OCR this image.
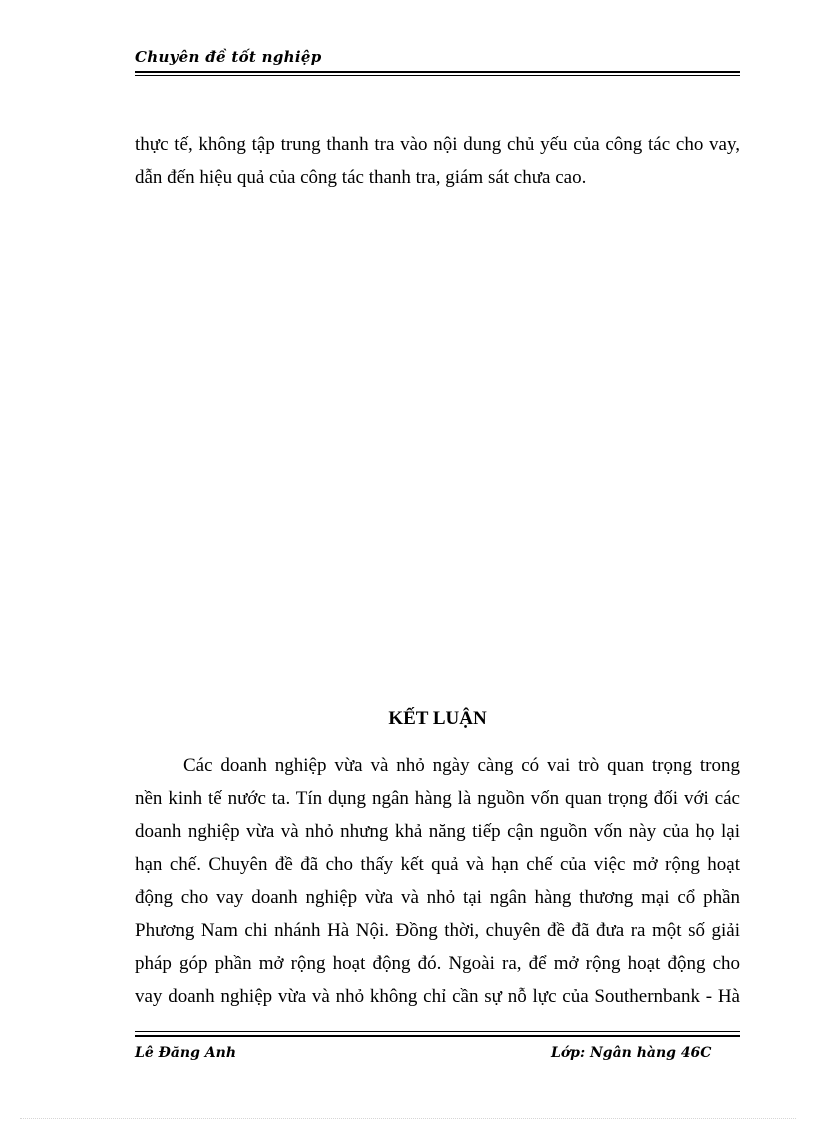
Chuyên đề tốt nghiệp
thực tế, không tập trung thanh tra vào nội dung chủ yếu của công tác cho vay,
dẫn đến hiệu quả của công tác thanh tra, giám sát chưa cao.
KẾT LUẬN
Các doanh nghiệp vừa và nhỏ ngày càng có vai trò quan trọng trong
nền kinh tế nước ta. Tín dụng ngân hàng là nguồn vốn quan trọng đối với các
doanh nghiệp vừa và nhỏ nhưng khả năng tiếp cận nguồn vốn này của họ lại
hạn chế. Chuyên đề đã cho thấy kết quả và hạn chế của việc mở rộng hoạt
động cho vay doanh nghiệp vừa và nhỏ tại ngân hàng thương mại cổ phần
Phương Nam chi nhánh Hà Nội. Đồng thời, chuyên đề đã đưa ra một số giải
pháp góp phần mở rộng hoạt động đó. Ngoài ra, để mở rộng hoạt động cho
vay doanh nghiệp vừa và nhỏ không chỉ cần sự nỗ lực của Southernbank - Hà
Lê Đăng Anh	Lớp: Ngân hàng 46C
